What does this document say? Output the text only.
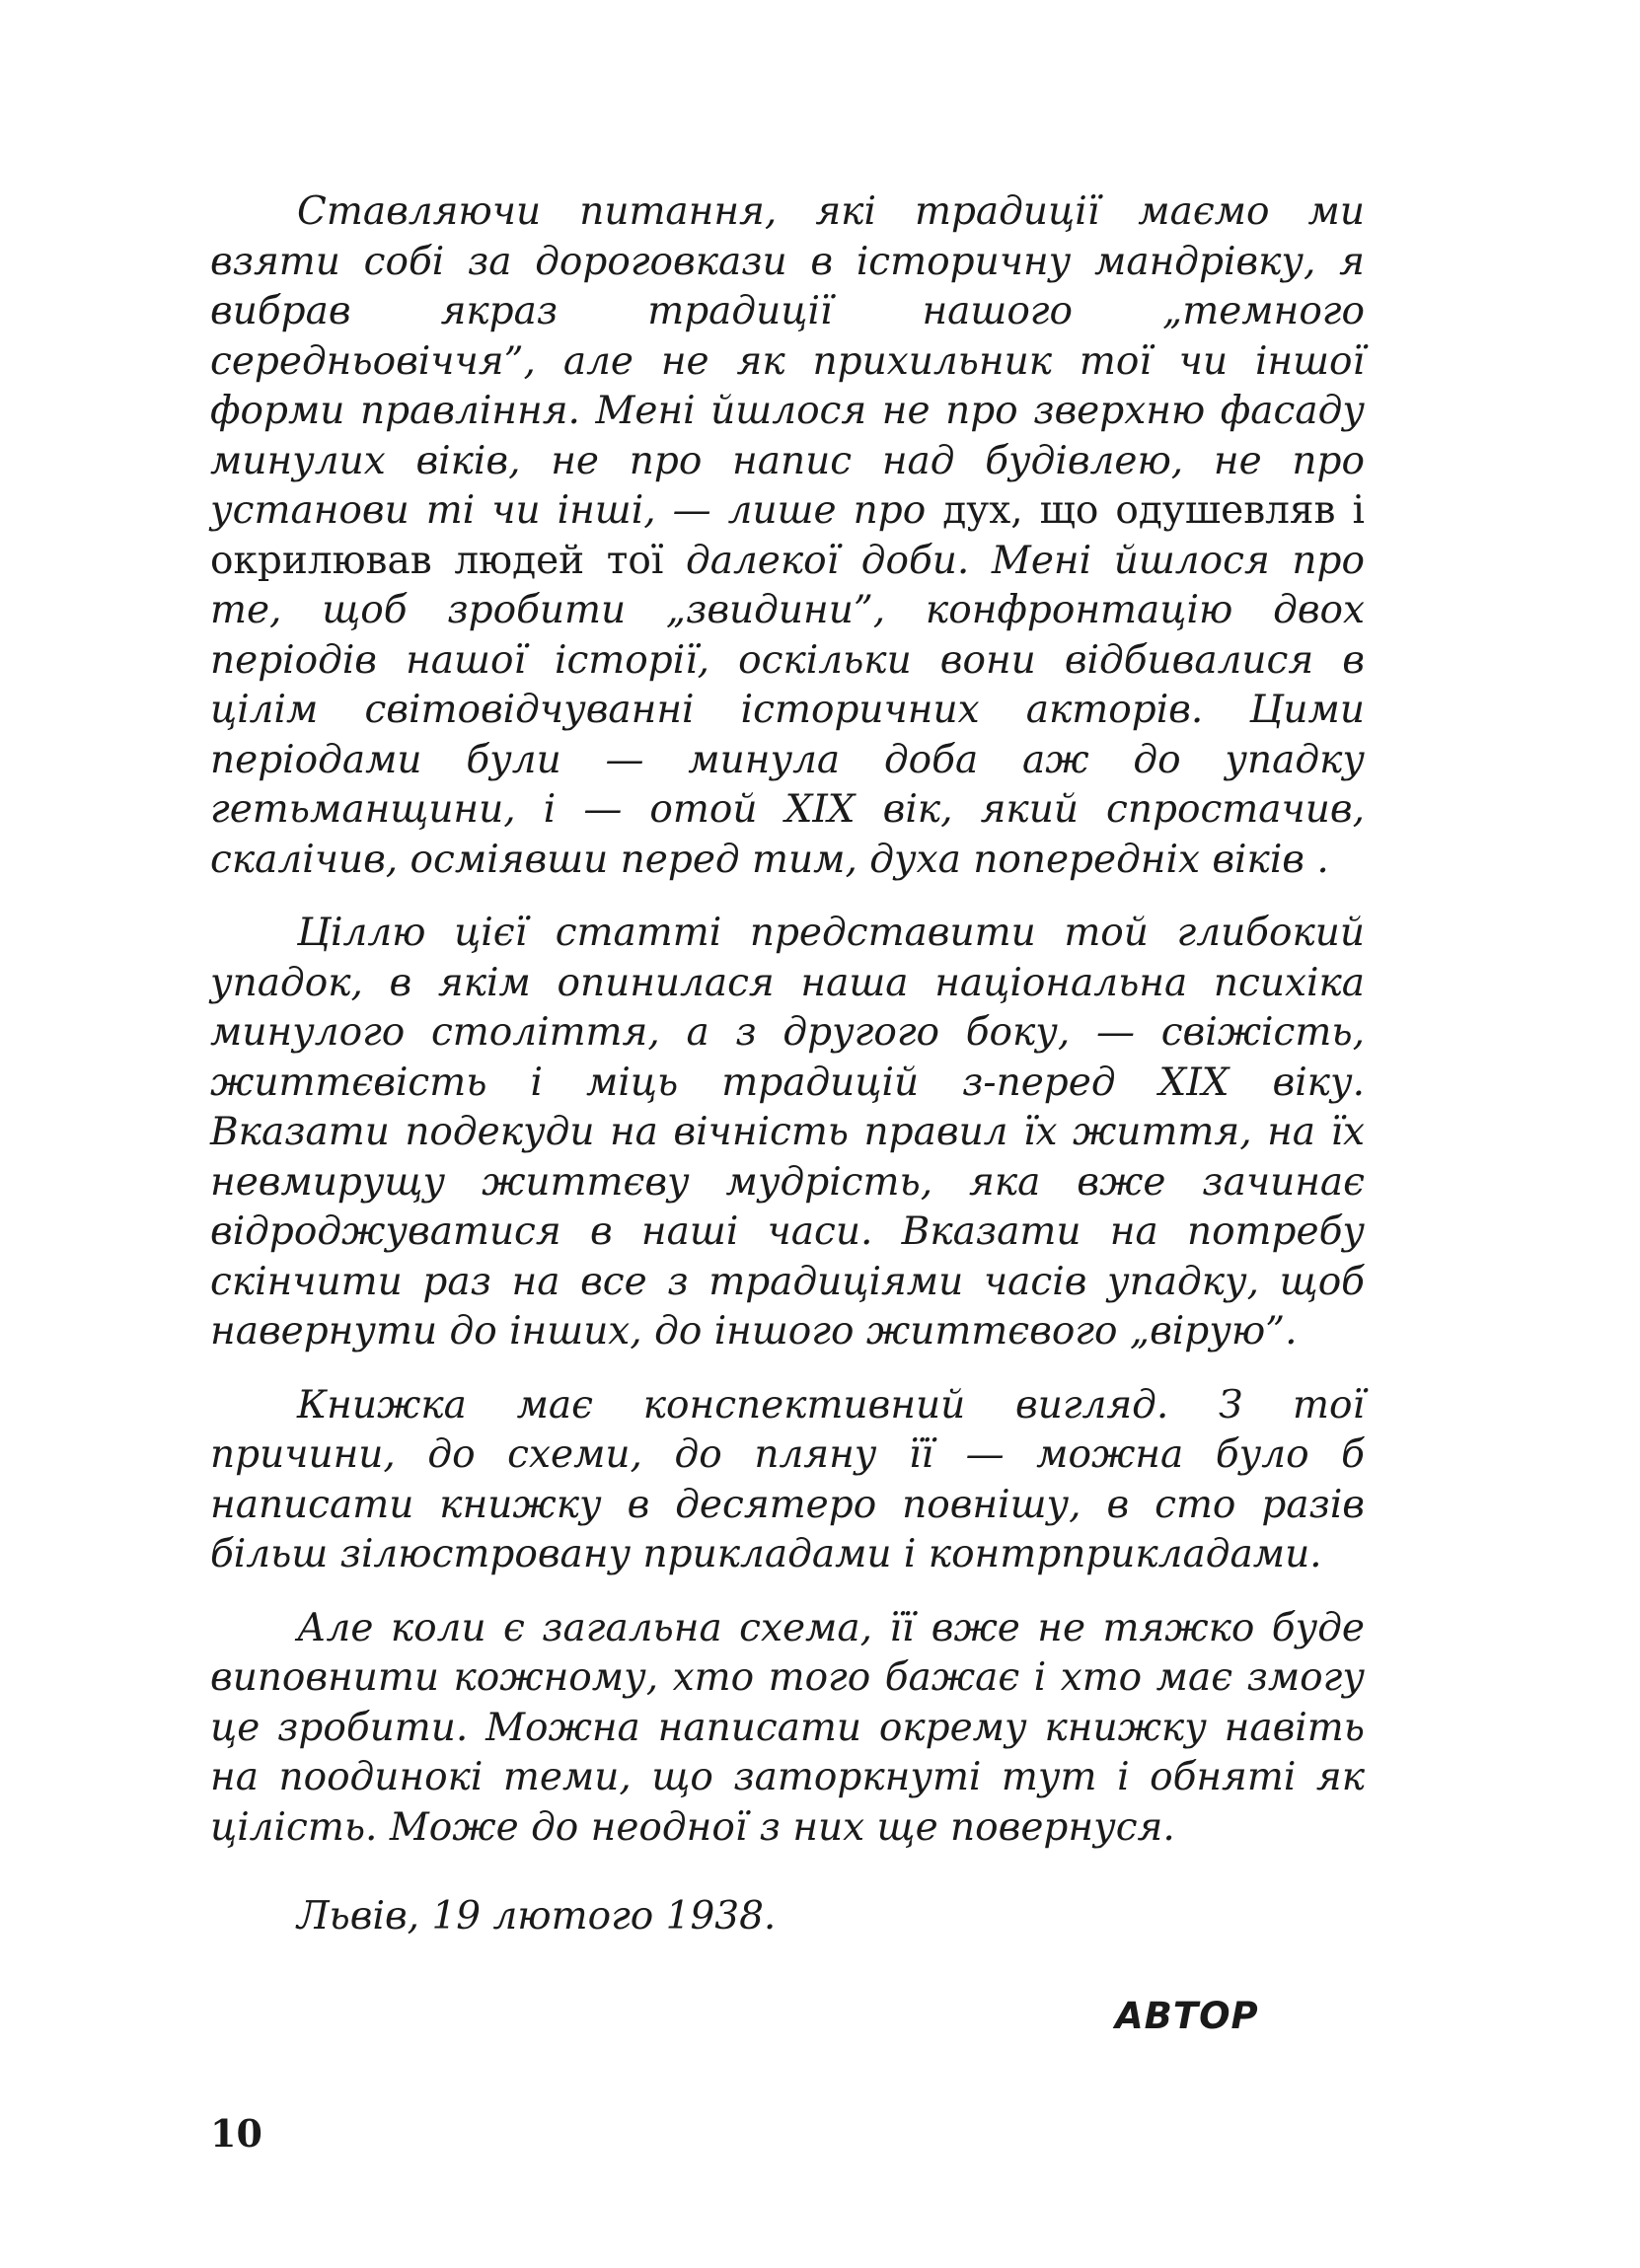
Ставляючи питання, які традиції маємо ми взяти собі за дороговкази в історичну мандрівку, я вибрав якраз традиції нашого „темного середньовіччя”, але не як прихильник тої чи іншої форми правління. Мені йшлося не про зверхню фасаду минулих віків, не про напис над будівлею, не про установи ті чи інші, — лише про дух, що одушевляв і окрилював людей тої далекої доби. Мені йшлося про те, щоб зробити „звидини”, конфронтацію двох періодів нашої історії, оскільки вони відбивалися в цілім світовідчуванні історичних акторів. Цими періодами були — минула доба аж до упадку гетьманщини, і — отой XIX вік, який спростачив, скалічив, осміявши перед тим, духа попередніх віків .

Ціллю цієї статті представити той глибокий упадок, в якім опинилася наша національна психіка минулого століття, а з другого боку, — свіжість, життєвість і міць традицій з-перед XIX віку. Вказати подекуди на вічність правил їх життя, на їх невмирущу життєву мудрість, яка вже зачинає відроджуватися в наші часи. Вказати на потребу скінчити раз на все з традиціями часів упадку, щоб навернути до інших, до іншого життєвого „вірую”.

Книжка має конспективний вигляд. З тої причини, до схеми, до пляну її — можна було б написати книжку в десятеро повнішу, в сто разів більш зілюстровану прикладами і контрприкладами.

Але коли є загальна схема, її вже не тяжко буде виповнити кожному, хто того бажає і хто має змогу це зробити. Можна написати окрему книжку навіть на поодинокі теми, що заторкнуті тут і обняті як цілість. Може до неодної з них ще повернуся.

Львів, 19 лютого 1938.
АВТОР
10
